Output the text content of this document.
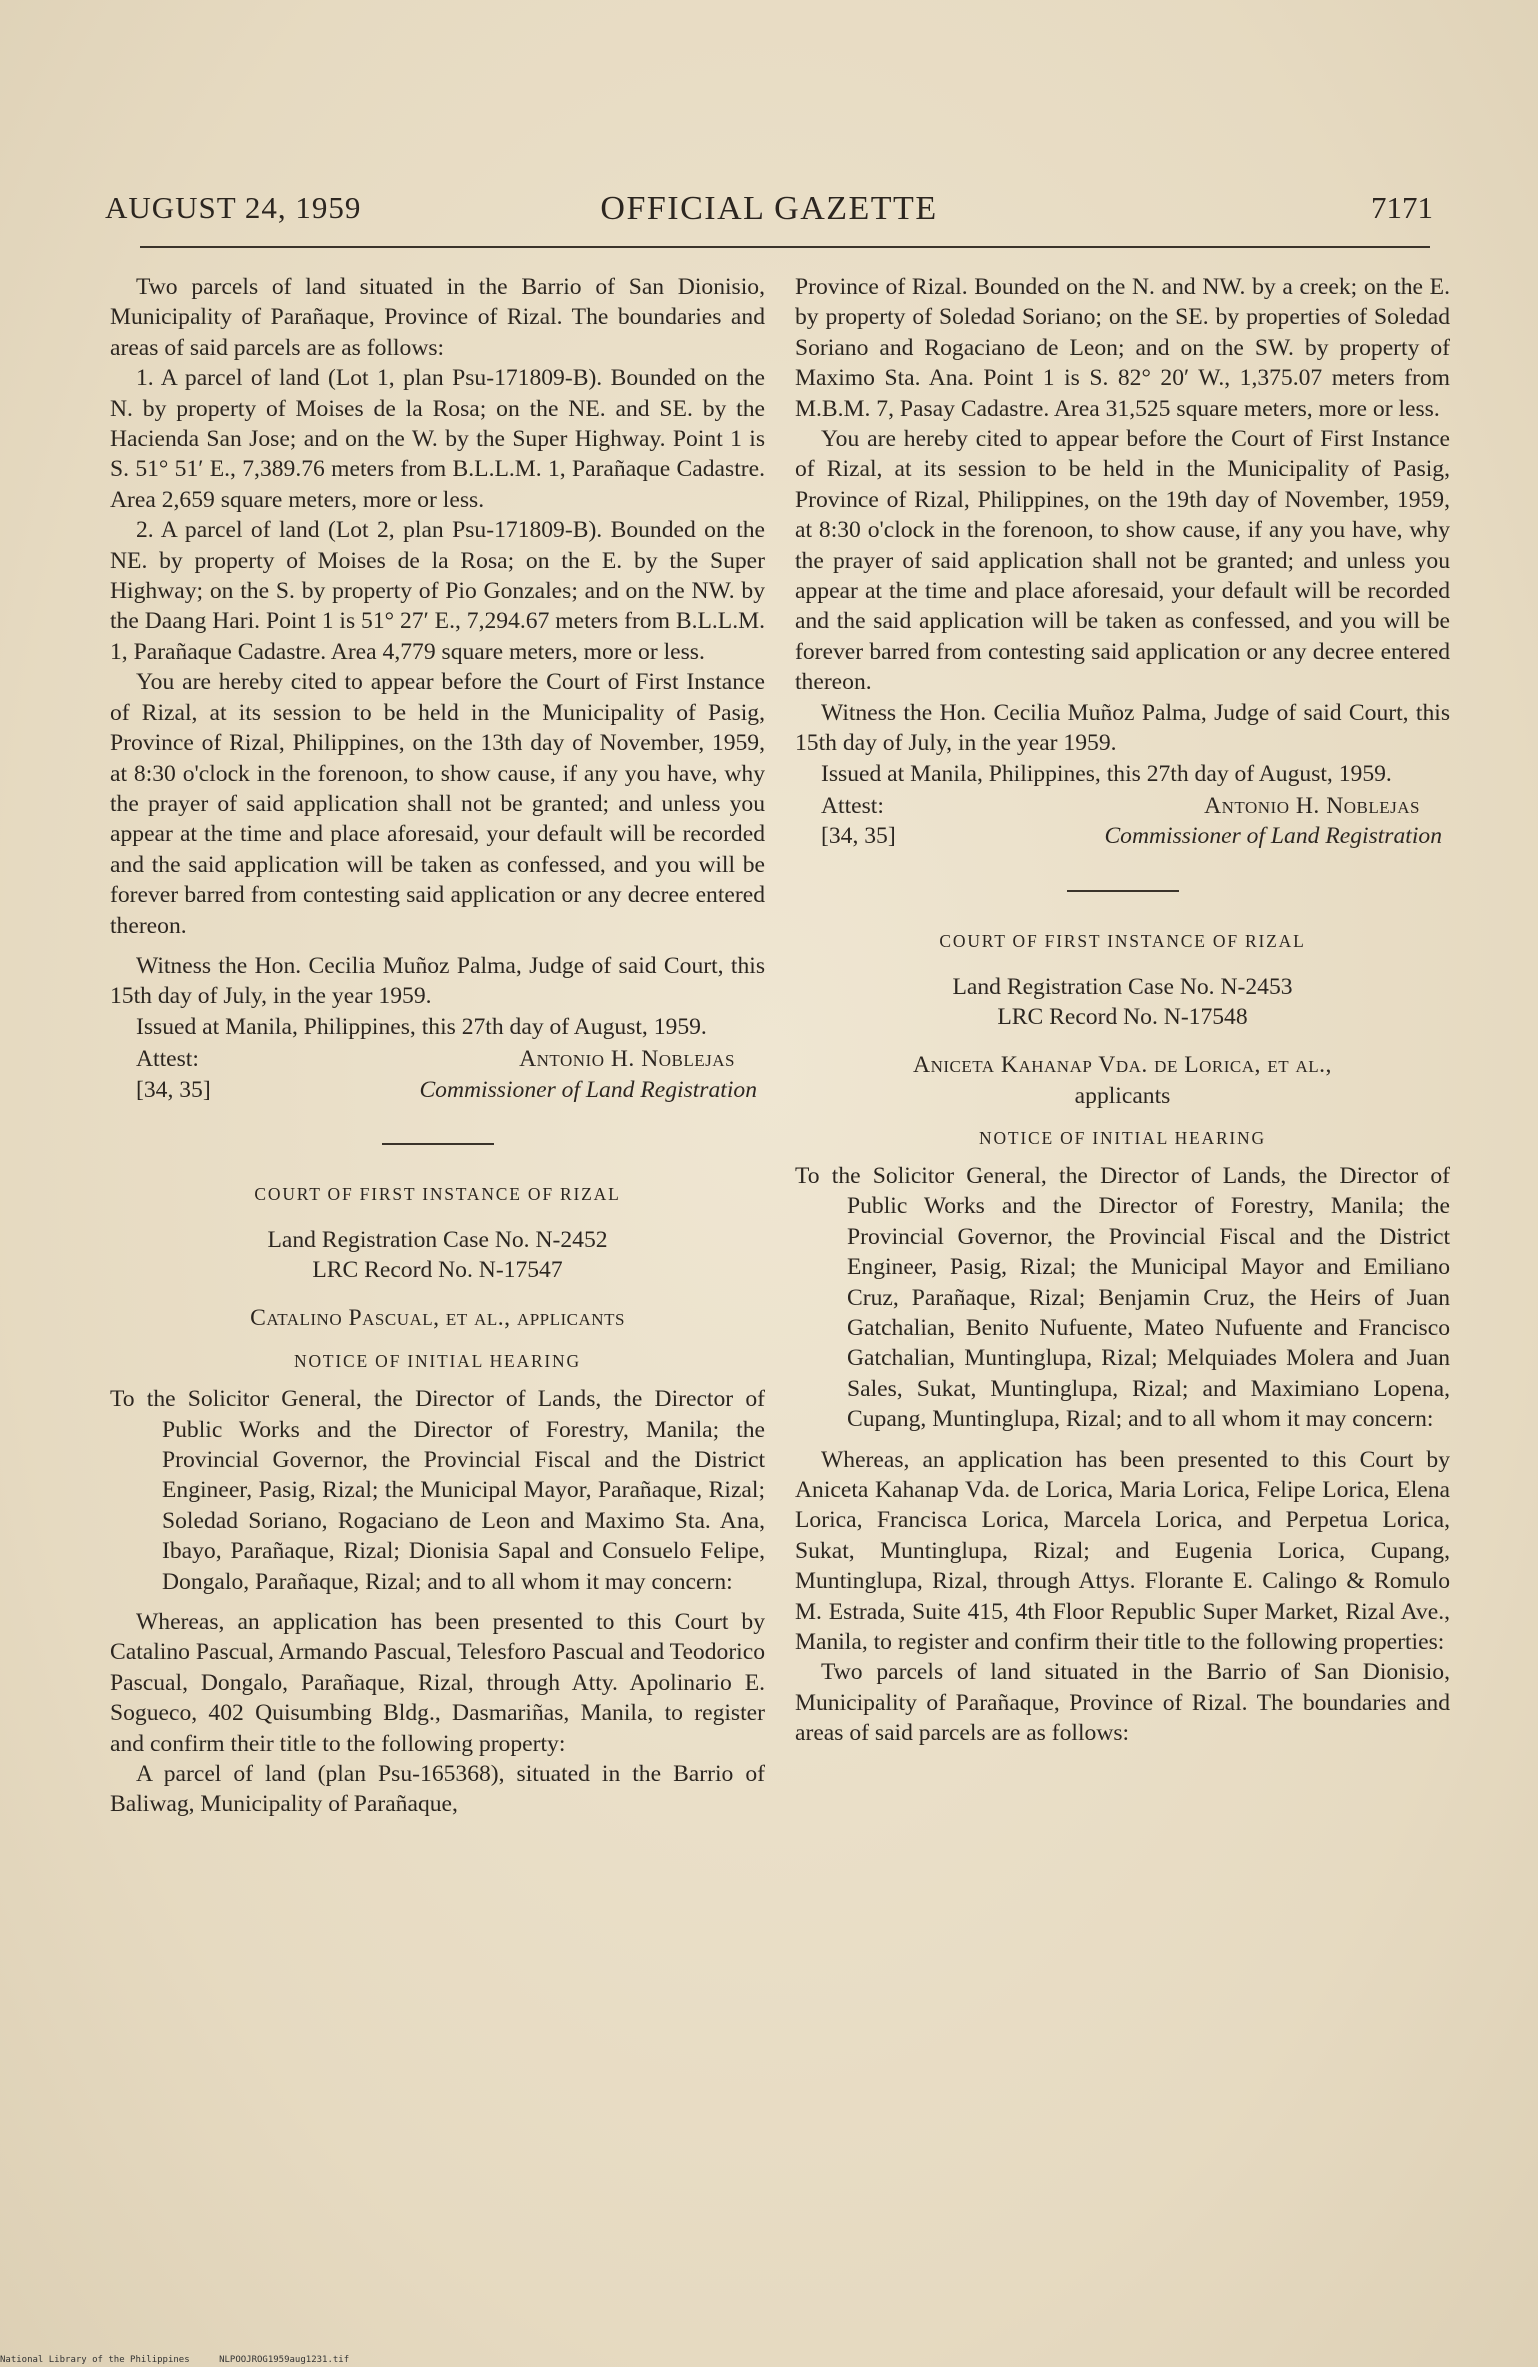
AUGUST 24, 1959	OFFICIAL GAZETTE	7171

Two parcels of land situated in the Barrio of San Dionisio, Municipality of Parañaque, Province of Rizal. The boundaries and areas of said parcels are as follows:

1. A parcel of land (Lot 1, plan Psu-171809-B). Bounded on the N. by property of Moises de la Rosa; on the NE. and SE. by the Hacienda San Jose; and on the W. by the Super Highway. Point 1 is S. 51° 51′ E., 7,389.76 meters from B.L.L.M. 1, Parañaque Cadastre. Area 2,659 square meters, more or less.

2. A parcel of land (Lot 2, plan Psu-171809-B). Bounded on the NE. by property of Moises de la Rosa; on the E. by the Super Highway; on the S. by property of Pio Gonzales; and on the NW. by the Daang Hari. Point 1 is 51° 27′ E., 7,294.67 meters from B.L.L.M. 1, Parañaque Cadastre. Area 4,779 square meters, more or less.

You are hereby cited to appear before the Court of First Instance of Rizal, at its session to be held in the Municipality of Pasig, Province of Rizal, Philippines, on the 13th day of November, 1959, at 8:30 o'clock in the forenoon, to show cause, if any you have, why the prayer of said application shall not be granted; and unless you appear at the time and place aforesaid, your default will be recorded and the said application will be taken as confessed, and you will be forever barred from contesting said application or any decree entered thereon.

Witness the Hon. Cecilia Muñoz Palma, Judge of said Court, this 15th day of July, in the year 1959.

Issued at Manila, Philippines, this 27th day of August, 1959.

Attest:	Antonio H. Noblejas
[34, 35]	Commissioner of Land Registration
COURT OF FIRST INSTANCE OF RIZAL
Land Registration Case No. N-2452
LRC Record No. N-17547
Catalino Pascual, et al., applicants
NOTICE OF INITIAL HEARING

To the Solicitor General, the Director of Lands, the Director of Public Works and the Director of Forestry, Manila; the Provincial Governor, the Provincial Fiscal and the District Engineer, Pasig, Rizal; the Municipal Mayor, Parañaque, Rizal; Soledad Soriano, Rogaciano de Leon and Maximo Sta. Ana, Ibayo, Parañaque, Rizal; Dionisia Sapal and Consuelo Felipe, Dongalo, Parañaque, Rizal; and to all whom it may concern:

Whereas, an application has been presented to this Court by Catalino Pascual, Armando Pascual, Telesforo Pascual and Teodorico Pascual, Dongalo, Parañaque, Rizal, through Atty. Apolinario E. Sogueco, 402 Quisumbing Bldg., Dasmariñas, Manila, to register and confirm their title to the following property:

A parcel of land (plan Psu-165368), situated in the Barrio of Baliwag, Municipality of Parañaque,

Province of Rizal. Bounded on the N. and NW. by a creek; on the E. by property of Soledad Soriano; on the SE. by properties of Soledad Soriano and Rogaciano de Leon; and on the SW. by property of Maximo Sta. Ana. Point 1 is S. 82° 20′ W., 1,375.07 meters from M.B.M. 7, Pasay Cadastre. Area 31,525 square meters, more or less.

You are hereby cited to appear before the Court of First Instance of Rizal, at its session to be held in the Municipality of Pasig, Province of Rizal, Philippines, on the 19th day of November, 1959, at 8:30 o'clock in the forenoon, to show cause, if any you have, why the prayer of said application shall not be granted; and unless you appear at the time and place aforesaid, your default will be recorded and the said application will be taken as confessed, and you will be forever barred from contesting said application or any decree entered thereon.

Witness the Hon. Cecilia Muñoz Palma, Judge of said Court, this 15th day of July, in the year 1959.

Issued at Manila, Philippines, this 27th day of August, 1959.

Attest:	Antonio H. Noblejas
[34, 35]	Commissioner of Land Registration
COURT OF FIRST INSTANCE OF RIZAL
Land Registration Case No. N-2453
LRC Record No. N-17548
Aniceta Kahanap Vda. de Lorica, et al.,
applicants
NOTICE OF INITIAL HEARING

To the Solicitor General, the Director of Lands, the Director of Public Works and the Director of Forestry, Manila; the Provincial Governor, the Provincial Fiscal and the District Engineer, Pasig, Rizal; the Municipal Mayor and Emiliano Cruz, Parañaque, Rizal; Benjamin Cruz, the Heirs of Juan Gatchalian, Benito Nufuente, Mateo Nufuente and Francisco Gatchalian, Muntinglupa, Rizal; Melquiades Molera and Juan Sales, Sukat, Muntinglupa, Rizal; and Maximiano Lopena, Cupang, Muntinglupa, Rizal; and to all whom it may concern:

Whereas, an application has been presented to this Court by Aniceta Kahanap Vda. de Lorica, Maria Lorica, Felipe Lorica, Elena Lorica, Francisca Lorica, Marcela Lorica, and Perpetua Lorica, Sukat, Muntinglupa, Rizal; and Eugenia Lorica, Cupang, Muntinglupa, Rizal, through Attys. Florante E. Calingo & Romulo M. Estrada, Suite 415, 4th Floor Republic Super Market, Rizal Ave., Manila, to register and confirm their title to the following properties:

Two parcels of land situated in the Barrio of San Dionisio, Municipality of Parañaque, Province of Rizal. The boundaries and areas of said parcels are as follows:

National Library of the Philippines	NLPOOJROG1959aug1231.tif
